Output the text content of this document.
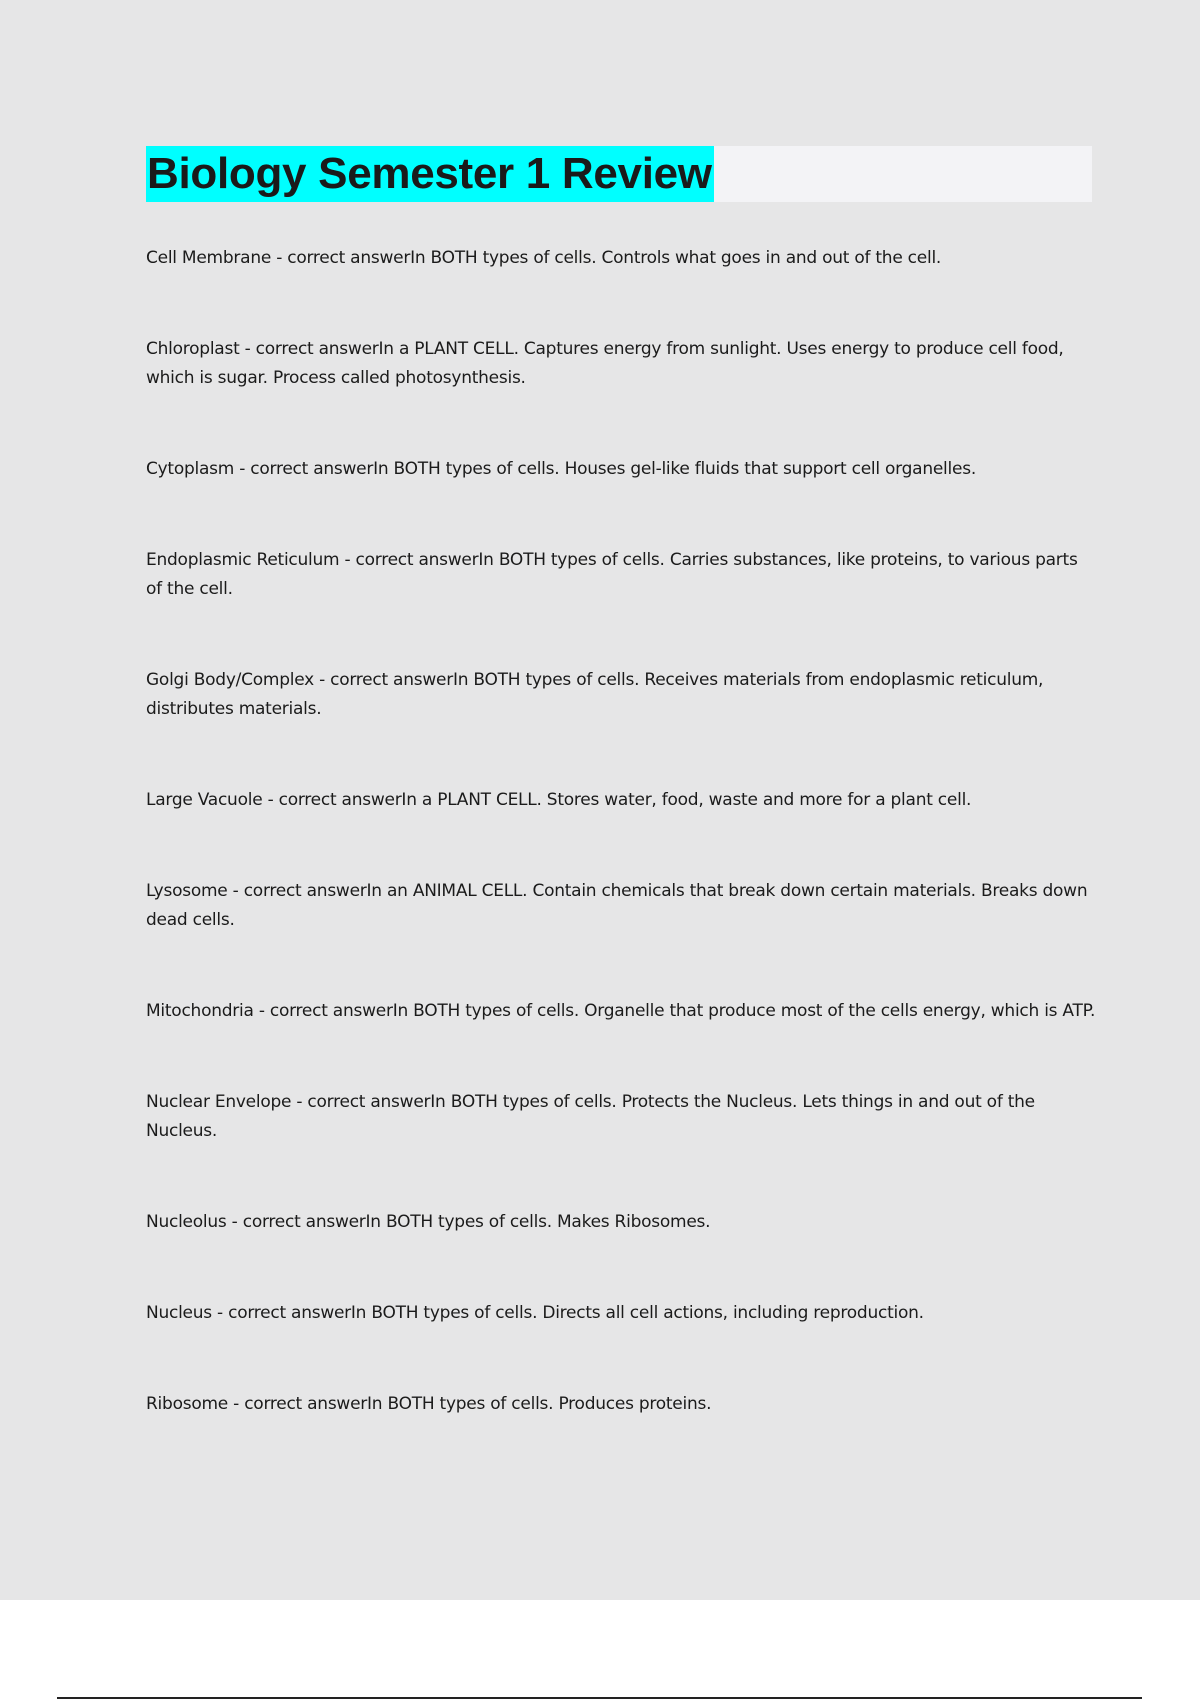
Biology Semester 1 Review
Cell Membrane - correct answerIn BOTH types of cells. Controls what goes in and out of the cell.
Chloroplast - correct answerIn a PLANT CELL. Captures energy from sunlight. Uses energy to produce cell food, which is sugar. Process called photosynthesis.
Cytoplasm - correct answerIn BOTH types of cells. Houses gel-like fluids that support cell organelles.
Endoplasmic Reticulum - correct answerIn BOTH types of cells. Carries substances, like proteins, to various parts of the cell.
Golgi Body/Complex - correct answerIn BOTH types of cells. Receives materials from endoplasmic reticulum, distributes materials.
Large Vacuole - correct answerIn a PLANT CELL. Stores water, food, waste and more for a plant cell.
Lysosome - correct answerIn an ANIMAL CELL. Contain chemicals that break down certain materials. Breaks down dead cells.
Mitochondria - correct answerIn BOTH types of cells. Organelle that produce most of the cells energy, which is ATP.
Nuclear Envelope - correct answerIn BOTH types of cells. Protects the Nucleus. Lets things in and out of the Nucleus.
Nucleolus - correct answerIn BOTH types of cells. Makes Ribosomes.
Nucleus - correct answerIn BOTH types of cells. Directs all cell actions, including reproduction.
Ribosome - correct answerIn BOTH types of cells. Produces proteins.
